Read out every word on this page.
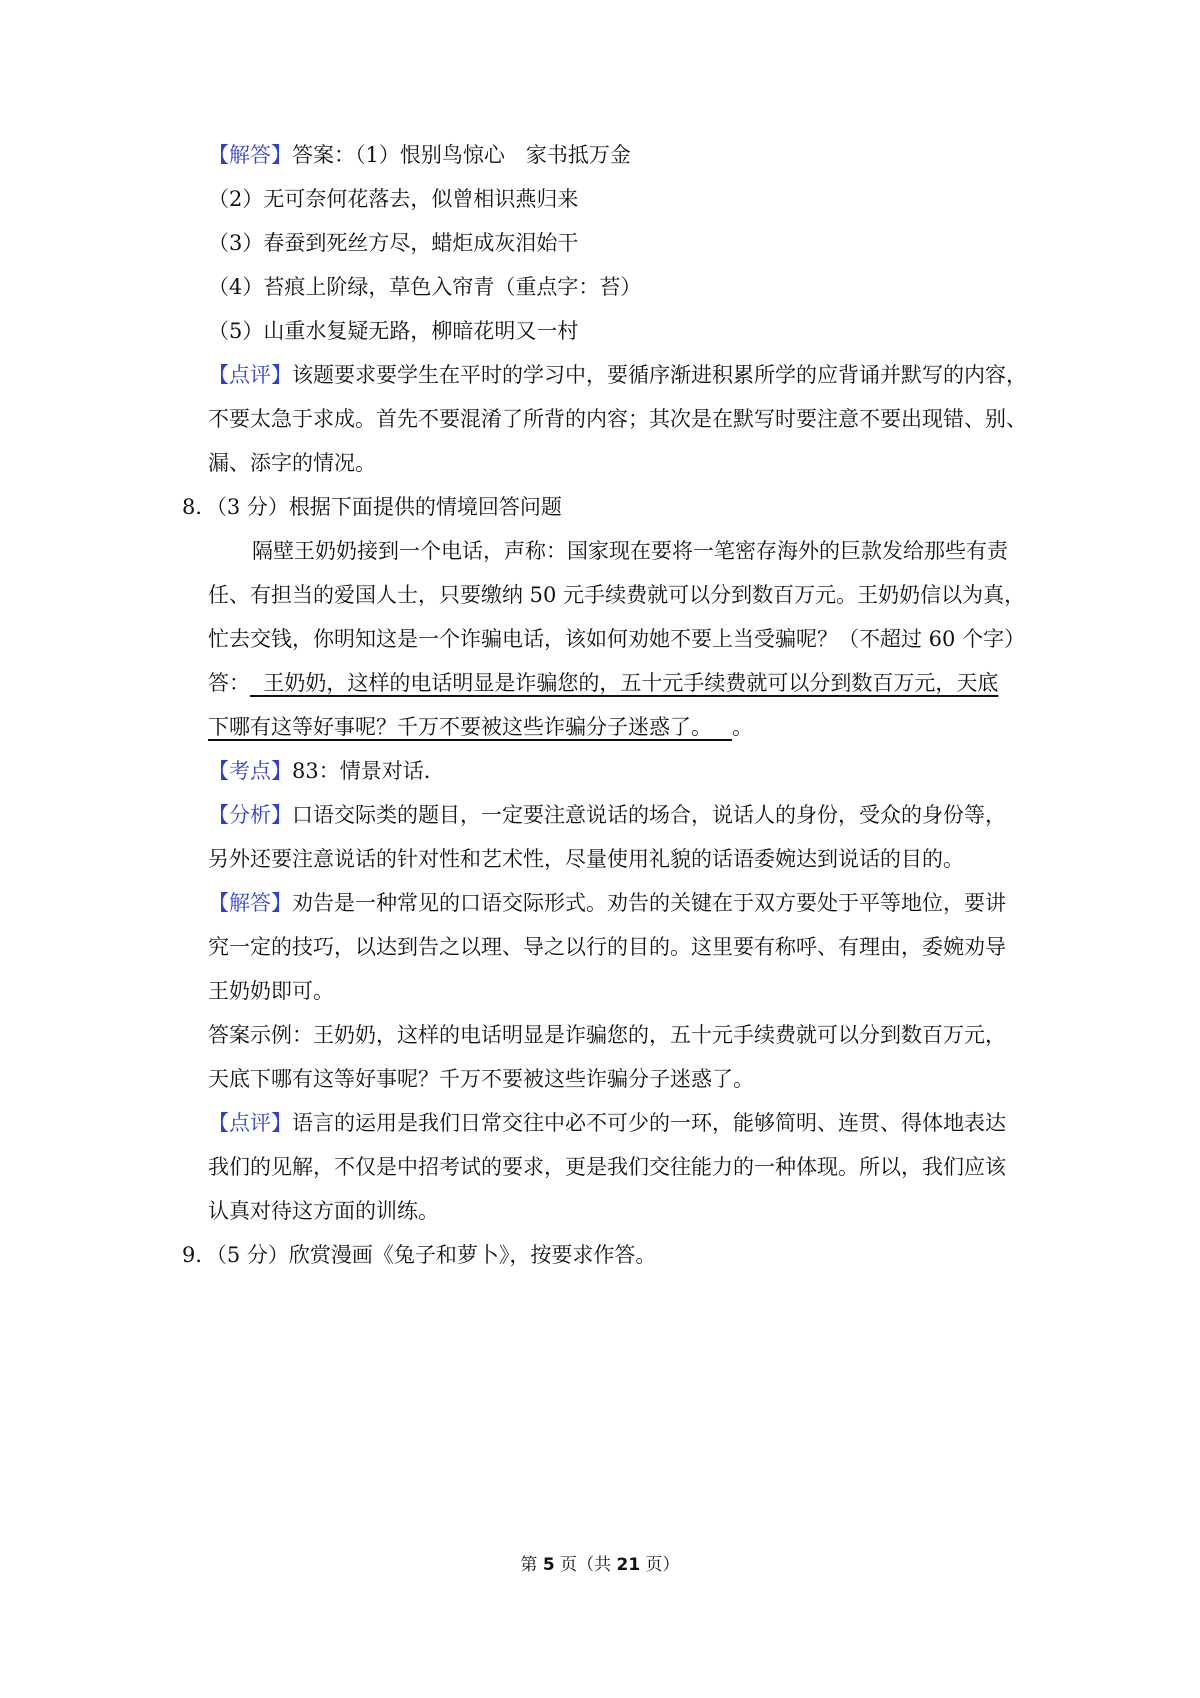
【解答】答案：（1）恨别鸟惊心　家书抵万金
（2）无可奈何花落去，似曾相识燕归来
（3）春蚕到死丝方尽，蜡炬成灰泪始干
（4）苔痕上阶绿，草色入帘青（重点字：苔）
（5）山重水复疑无路，柳暗花明又一村
【点评】该题要求要学生在平时的学习中，要循序渐进积累所学的应背诵并默写的内容，
不要太急于求成。首先不要混淆了所背的内容；其次是在默写时要注意不要出现错、别、
漏、添字的情况。
8．（3 分）根据下面提供的情境回答问题
隔壁王奶奶接到一个电话，声称：国家现在要将一笔密存海外的巨款发给那些有责
任、有担当的爱国人士，只要缴纳 50 元手续费就可以分到数百万元。王奶奶信以为真，
忙去交钱，你明知这是一个诈骗电话，该如何劝她不要上当受骗呢？（不超过 60 个字）
答：  王奶奶，这样的电话明显是诈骗您的，五十元手续费就可以分到数百万元，天底
下哪有这等好事呢？千万不要被这些诈骗分子迷惑了。   。
【考点】83：情景对话．
【分析】口语交际类的题目，一定要注意说话的场合，说话人的身份，受众的身份等，
另外还要注意说话的针对性和艺术性，尽量使用礼貌的话语委婉达到说话的目的。
【解答】劝告是一种常见的口语交际形式。劝告的关键在于双方要处于平等地位，要讲
究一定的技巧，以达到告之以理、导之以行的目的。这里要有称呼、有理由，委婉劝导
王奶奶即可。
答案示例：王奶奶，这样的电话明显是诈骗您的，五十元手续费就可以分到数百万元，
天底下哪有这等好事呢？千万不要被这些诈骗分子迷惑了。
【点评】语言的运用是我们日常交往中必不可少的一环，能够简明、连贯、得体地表达
我们的见解，不仅是中招考试的要求，更是我们交往能力的一种体现。所以，我们应该
认真对待这方面的训练。
9．（5 分）欣赏漫画《兔子和萝卜》，按要求作答。
第 5 页（共 21 页）
